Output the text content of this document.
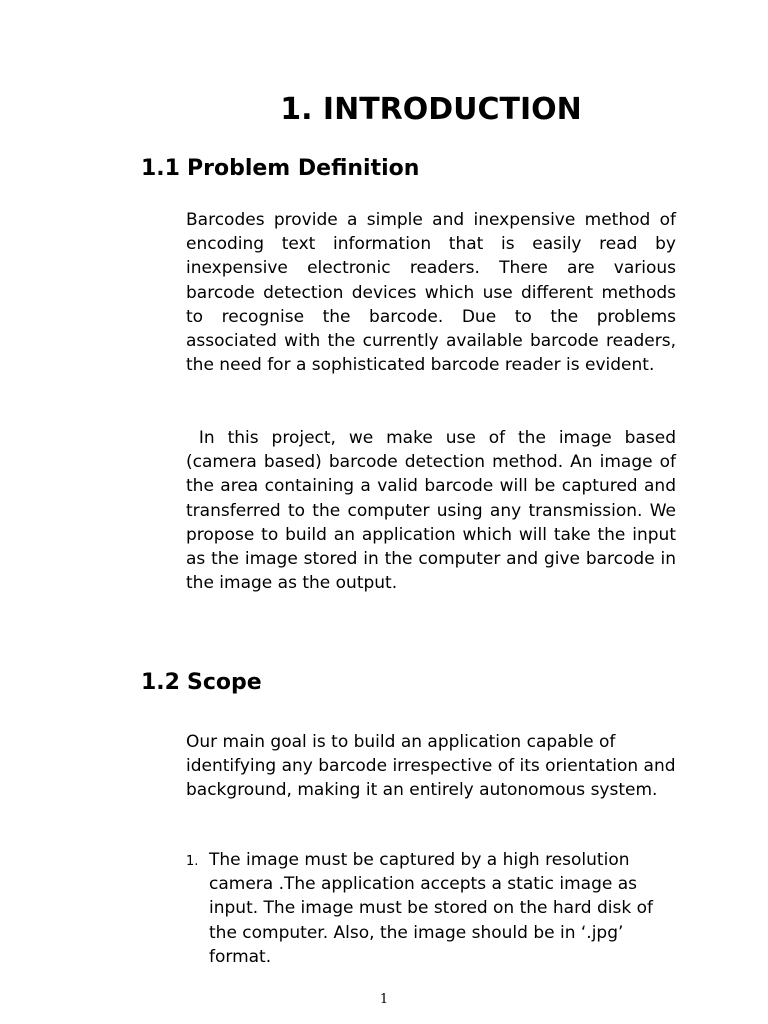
1. INTRODUCTION
1.1 Problem Definition

Barcodes provide a simple and inexpensive method of encoding text information that is easily read by inexpensive electronic readers. There are various barcode detection devices which use different methods to recognise the barcode. Due to the problems associated with the currently available barcode readers, the need for a sophisticated barcode reader is evident.

In this project, we make use of the image based (camera based) barcode detection method. An image of the area containing a valid barcode will be captured and transferred to the computer using any transmission. We propose to build an application which will take the input as the image stored in the computer and give barcode in the image as the output.

1.2 Scope

Our main goal is to build an application capable of identifying any barcode irrespective of its orientation and background, making it an entirely autonomous system.

1. The image must be captured by a high resolution camera .The application accepts a static image as input. The image must be stored on the hard disk of the computer. Also, the image should be in ‘.jpg’ format.
1
